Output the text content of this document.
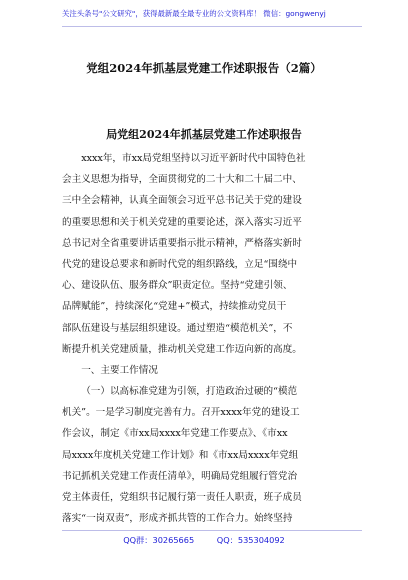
关注头条号"公文研究"，获得最新最全最专业的公文资料库！ 微信：gongwenyj
党组2024年抓基层党建工作述职报告（2篇）
局党组2024年抓基层党建工作述职报告
xxxx年，市xx局党组坚持以习近平新时代中国特色社
会主义思想为指导，全面贯彻党的二十大和二十届二中、
三中全会精神，认真全面领会习近平总书记关于党的建设
的重要思想和关于机关党建的重要论述，深入落实习近平
总书记对全省重要讲话重要指示批示精神，严格落实新时
代党的建设总要求和新时代党的组织路线，立足“围绕中
心、建设队伍、服务群众”职责定位。坚持“党建引领、
品牌赋能”，持续深化“党建+”模式，持续推动党员干
部队伍建设与基层组织建设。通过塑造“模范机关”，不
断提升机关党建质量，推动机关党建工作迈向新的高度。
一、主要工作情况
（一）以高标准党建为引领，打造政治过硬的“模范
机关”。一是学习制度完善有力。召开xxxx年党的建设工
作会议，制定《市xx局xxxx年党建工作要点》、《市xx
局xxxx年度机关党建工作计划》和《市xx局xxxx年党组
书记抓机关党建工作责任清单》，明确局党组履行管党治
党主体责任，党组织书记履行第一责任人职责，班子成员
落实“一岗双责”，形成齐抓共管的工作合力。始终坚持
QQ群：30265665	QQ：535304092
